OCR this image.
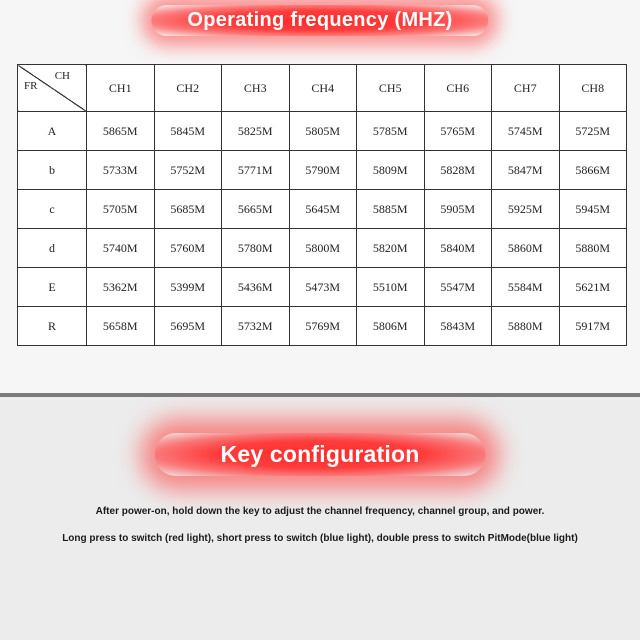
Operating frequency (MHZ)
CH
FR	CH1	CH2	CH3	CH4	CH5	CH6	CH7	CH8
A	5865M	5845M	5825M	5805M	5785M	5765M	5745M	5725M
b	5733M	5752M	5771M	5790M	5809M	5828M	5847M	5866M
c	5705M	5685M	5665M	5645M	5885M	5905M	5925M	5945M
d	5740M	5760M	5780M	5800M	5820M	5840M	5860M	5880M
E	5362M	5399M	5436M	5473M	5510M	5547M	5584M	5621M
R	5658M	5695M	5732M	5769M	5806M	5843M	5880M	5917M
Key configuration
After power-on, hold down the key to adjust the channel frequency, channel group, and power.
Long press to switch (red light), short press to switch (blue light), double press to switch PitMode(blue light)
